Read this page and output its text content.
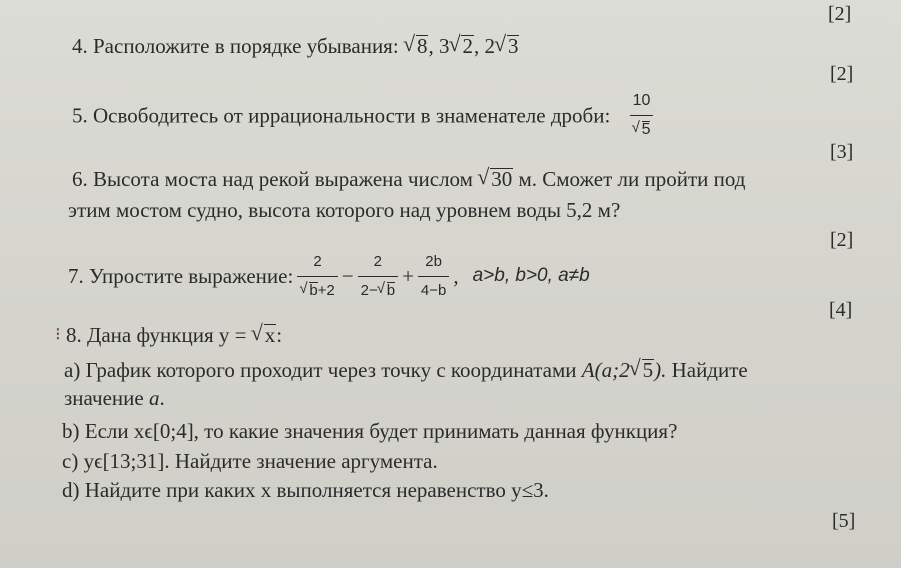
[2]
4. Расположите в порядке убывания: √ 8, 3 √ 2, 2 √ 3
[2]
5. Освободитесь от иррациональности в знаменателе дроби: 10
√ 5
[3]
6. Высота моста над рекой выражена числом √ 30 м. Сможет ли пройти под
этим мостом судно, высота которого над уровнем воды 5,2 м?
[2]
7. Упростите выражение: 2
√ $b+2 - \frac{2}{2- √ b} + \frac{2b}{4-b}$ , a>b, b>0, a≠b
[4]
⁝ 8. Дана функция y = √ x:
a) График которого проходит через точку с координатами A(a;2 √ 5). Найдите
значение a.
b) Если xϵ[0;4], то какие значения будет принимать данная функция?
c) yϵ[13;31]. Найдите значение аргумента.
d) Найдите при каких x выполняется неравенство y≤3.
[5]
